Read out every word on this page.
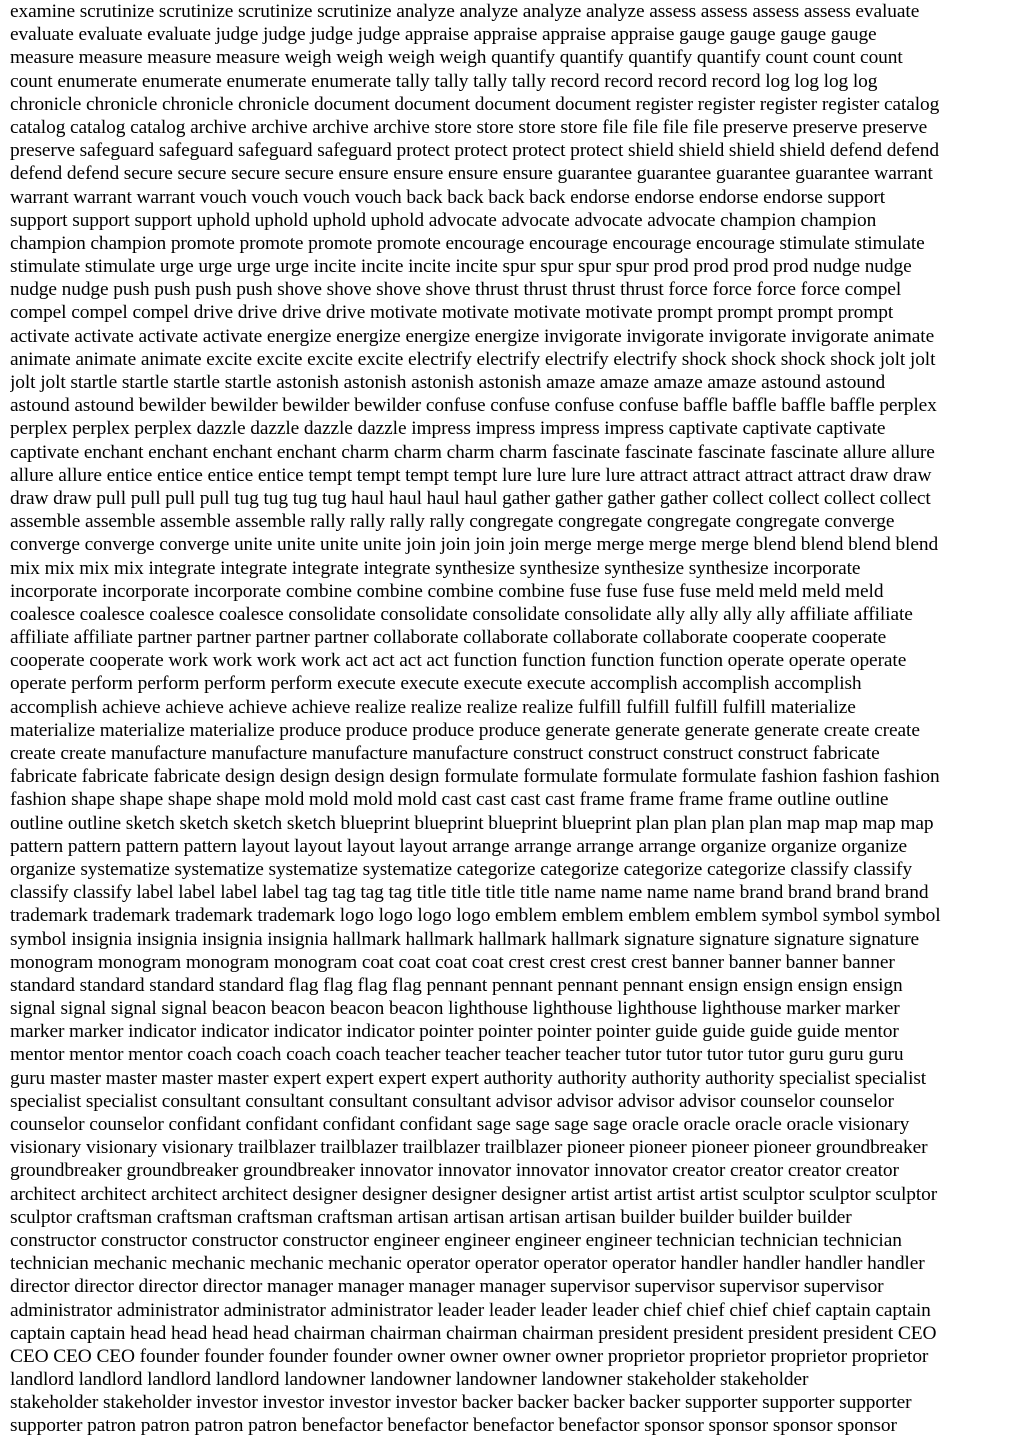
examine scrutinize scrutinize scrutinize scrutinize analyze analyze analyze analyze assess assess assess assess evaluate
evaluate evaluate evaluate judge judge judge judge appraise appraise appraise appraise gauge gauge gauge gauge
measure measure measure measure weigh weigh weigh weigh quantify quantify quantify quantify count count count
count enumerate enumerate enumerate enumerate tally tally tally tally record record record record log log log log
chronicle chronicle chronicle chronicle document document document document register register register register catalog
catalog catalog catalog archive archive archive archive store store store store file file file file preserve preserve preserve
preserve safeguard safeguard safeguard safeguard protect protect protect protect shield shield shield shield defend defend
defend defend secure secure secure secure ensure ensure ensure ensure guarantee guarantee guarantee guarantee warrant
warrant warrant warrant vouch vouch vouch vouch back back back back endorse endorse endorse endorse support
support support support uphold uphold uphold uphold advocate advocate advocate advocate champion champion
champion champion promote promote promote promote encourage encourage encourage encourage stimulate stimulate
stimulate stimulate urge urge urge urge incite incite incite incite spur spur spur spur prod prod prod prod nudge nudge
nudge nudge push push push push shove shove shove shove thrust thrust thrust thrust force force force force compel
compel compel compel drive drive drive drive motivate motivate motivate motivate prompt prompt prompt prompt
activate activate activate activate energize energize energize energize invigorate invigorate invigorate invigorate animate
animate animate animate excite excite excite excite electrify electrify electrify electrify shock shock shock shock jolt jolt
jolt jolt startle startle startle startle astonish astonish astonish astonish amaze amaze amaze amaze astound astound
astound astound bewilder bewilder bewilder bewilder confuse confuse confuse confuse baffle baffle baffle baffle perplex
perplex perplex perplex dazzle dazzle dazzle dazzle impress impress impress impress captivate captivate captivate
captivate enchant enchant enchant enchant charm charm charm charm fascinate fascinate fascinate fascinate allure allure
allure allure entice entice entice entice tempt tempt tempt tempt lure lure lure lure attract attract attract attract draw draw
draw draw pull pull pull pull tug tug tug tug haul haul haul haul gather gather gather gather collect collect collect collect
assemble assemble assemble assemble rally rally rally rally congregate congregate congregate congregate converge
converge converge converge unite unite unite unite join join join join merge merge merge merge blend blend blend blend
mix mix mix mix integrate integrate integrate integrate synthesize synthesize synthesize synthesize incorporate
incorporate incorporate incorporate combine combine combine combine fuse fuse fuse fuse meld meld meld meld
coalesce coalesce coalesce coalesce consolidate consolidate consolidate consolidate ally ally ally ally affiliate affiliate
affiliate affiliate partner partner partner partner collaborate collaborate collaborate collaborate cooperate cooperate
cooperate cooperate work work work work act act act act function function function function operate operate operate
operate perform perform perform perform execute execute execute execute accomplish accomplish accomplish
accomplish achieve achieve achieve achieve realize realize realize realize fulfill fulfill fulfill fulfill materialize
materialize materialize materialize produce produce produce produce generate generate generate generate create create
create create manufacture manufacture manufacture manufacture construct construct construct construct fabricate
fabricate fabricate fabricate design design design design formulate formulate formulate formulate fashion fashion fashion
fashion shape shape shape shape mold mold mold mold cast cast cast cast frame frame frame frame outline outline
outline outline sketch sketch sketch sketch blueprint blueprint blueprint blueprint plan plan plan plan map map map map
pattern pattern pattern pattern layout layout layout layout arrange arrange arrange arrange organize organize organize
organize systematize systematize systematize systematize categorize categorize categorize categorize classify classify
classify classify label label label label tag tag tag tag title title title title name name name name brand brand brand brand
trademark trademark trademark trademark logo logo logo logo emblem emblem emblem emblem symbol symbol symbol
symbol insignia insignia insignia insignia hallmark hallmark hallmark hallmark signature signature signature signature
monogram monogram monogram monogram coat coat coat coat crest crest crest crest banner banner banner banner
standard standard standard standard flag flag flag flag pennant pennant pennant pennant ensign ensign ensign ensign
signal signal signal signal beacon beacon beacon beacon lighthouse lighthouse lighthouse lighthouse marker marker
marker marker indicator indicator indicator indicator pointer pointer pointer pointer guide guide guide guide mentor
mentor mentor mentor coach coach coach coach teacher teacher teacher teacher tutor tutor tutor tutor guru guru guru
guru master master master master expert expert expert expert authority authority authority authority specialist specialist
specialist specialist consultant consultant consultant consultant advisor advisor advisor advisor counselor counselor
counselor counselor confidant confidant confidant confidant sage sage sage sage oracle oracle oracle oracle visionary
visionary visionary visionary trailblazer trailblazer trailblazer trailblazer pioneer pioneer pioneer pioneer groundbreaker
groundbreaker groundbreaker groundbreaker innovator innovator innovator innovator creator creator creator creator
architect architect architect architect designer designer designer designer artist artist artist artist sculptor sculptor sculptor
sculptor craftsman craftsman craftsman craftsman artisan artisan artisan artisan builder builder builder builder
constructor constructor constructor constructor engineer engineer engineer engineer technician technician technician
technician mechanic mechanic mechanic mechanic operator operator operator operator handler handler handler handler
director director director director manager manager manager manager supervisor supervisor supervisor supervisor
administrator administrator administrator administrator leader leader leader leader chief chief chief chief captain captain
captain captain head head head head chairman chairman chairman chairman president president president president CEO
CEO CEO CEO founder founder founder founder owner owner owner owner proprietor proprietor proprietor proprietor
landlord landlord landlord landlord landowner landowner landowner landowner stakeholder stakeholder
stakeholder stakeholder investor investor investor investor backer backer backer backer supporter supporter supporter
supporter patron patron patron patron benefactor benefactor benefactor benefactor sponsor sponsor sponsor sponsor
